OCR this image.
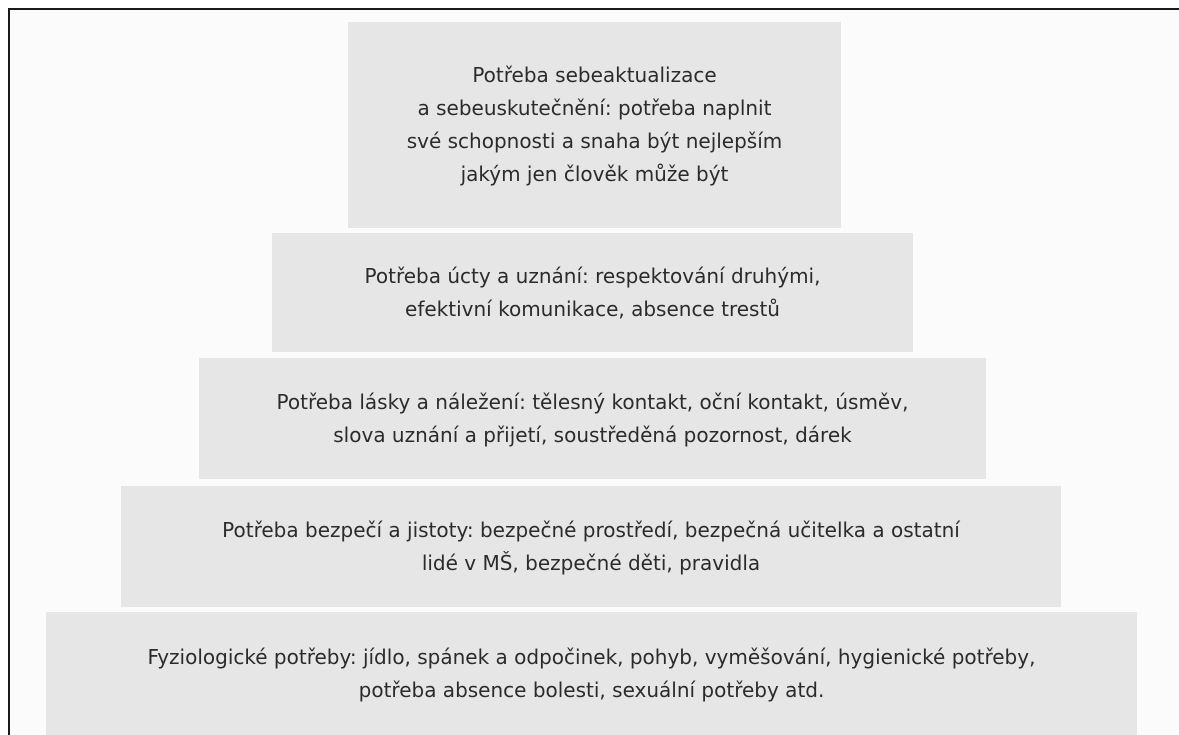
Potřeba sebeaktualizace
a sebeuskutečnění: potřeba naplnit
své schopnosti a snaha být nejlepším
jakým jen člověk může být
Potřeba úcty a uznání: respektování druhými,
efektivní komunikace, absence trestů
Potřeba lásky a náležení: tělesný kontakt, oční kontakt, úsměv,
slova uznání a přijetí, soustředěná pozornost, dárek
Potřeba bezpečí a jistoty: bezpečné prostředí, bezpečná učitelka a ostatní
lidé v MŠ, bezpečné děti, pravidla
Fyziologické potřeby: jídlo, spánek a odpočinek, pohyb, vyměšování, hygienické potřeby,
potřeba absence bolesti, sexuální potřeby atd.
